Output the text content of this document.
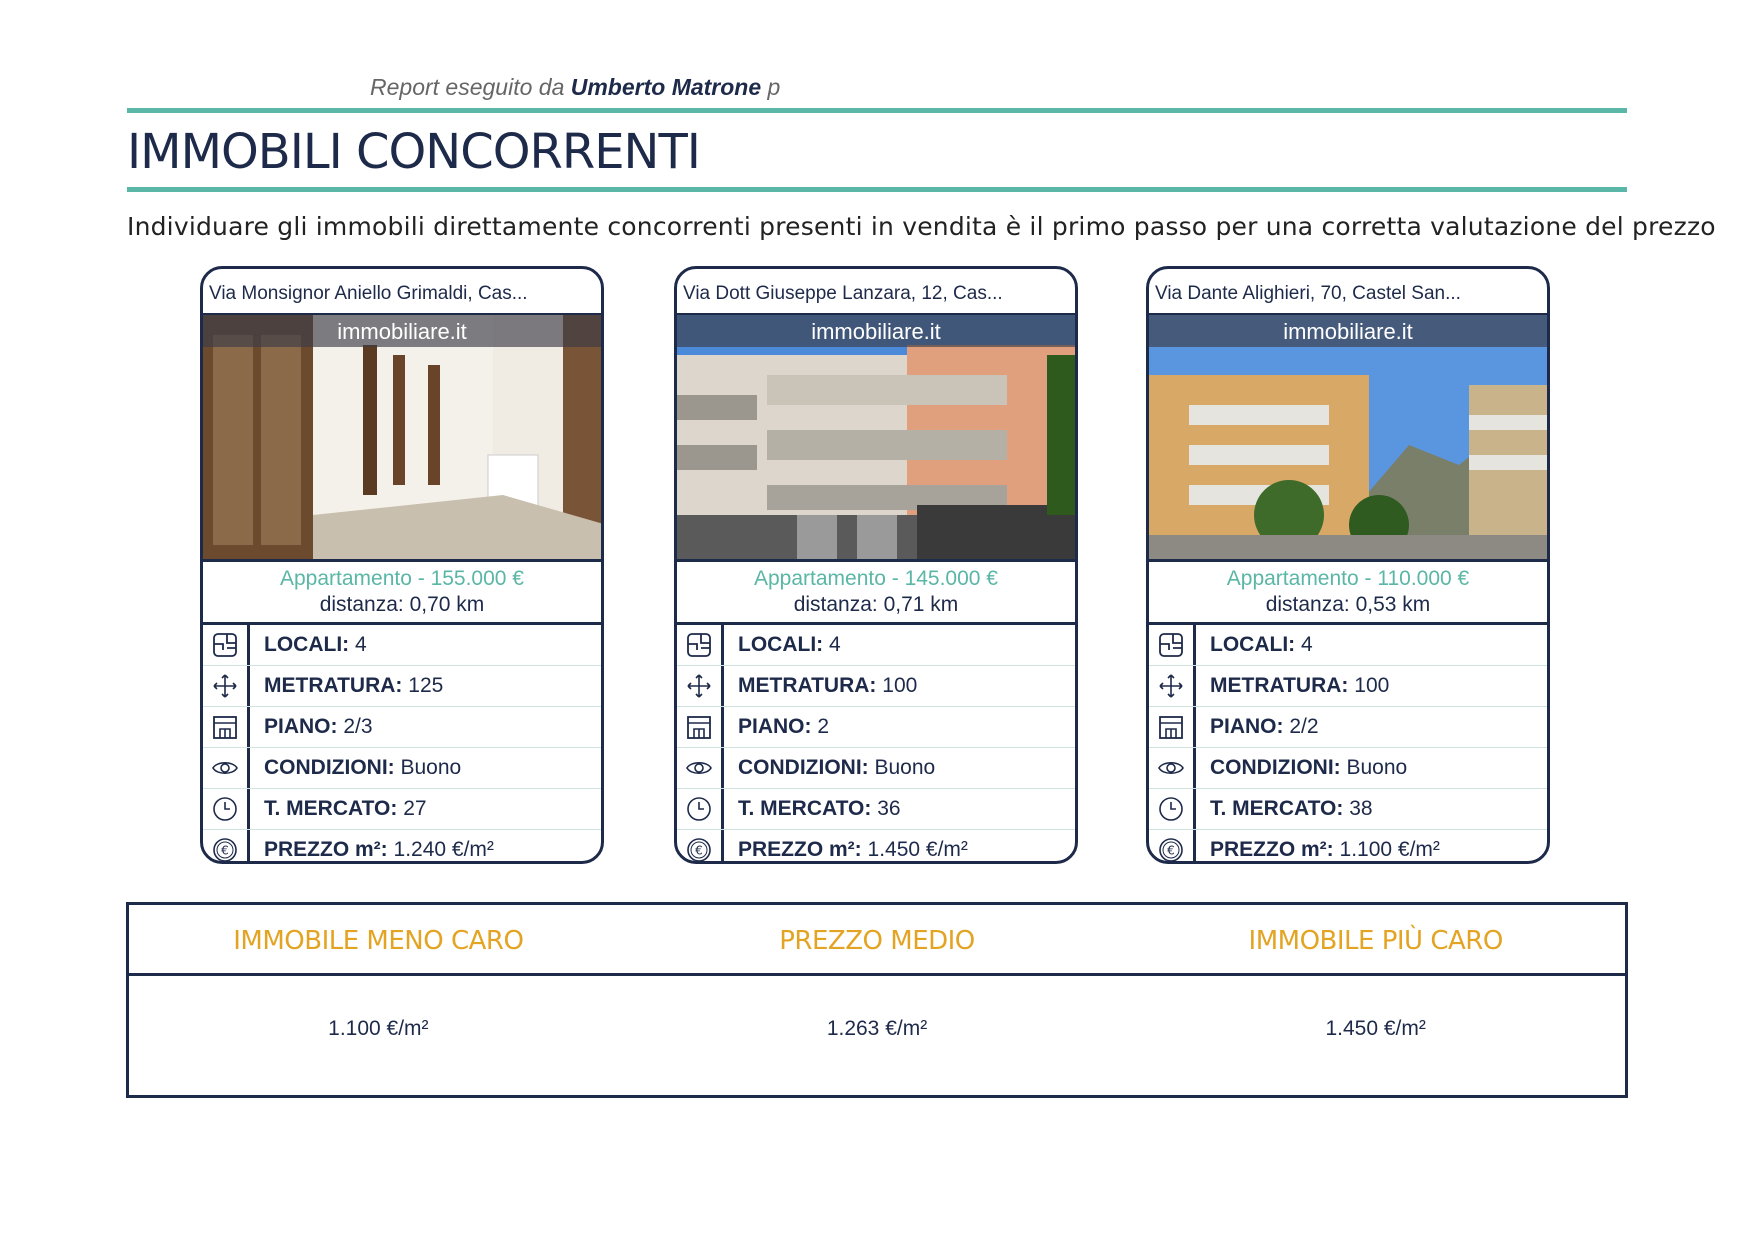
Report eseguito da Umberto Matrone p
IMMOBILI CONCORRENTI
Individuare gli immobili direttamente concorrenti presenti in vendita è il primo passo per una corretta valutazione del prezzo
Via Monsignor Aniello Grimaldi, Cas...
immobiliare.it
Appartamento - 155.000 €
distanza: 0,70 km
LOCALI: 4
METRATURA: 125
PIANO: 2/3
CONDIZIONI: Buono
T. MERCATO: 27
€	PREZZO m²: 1.240 €/m²
Via Dott Giuseppe Lanzara, 12, Cas...
immobiliare.it
Appartamento - 145.000 €
distanza: 0,71 km
LOCALI: 4
METRATURA: 100
PIANO: 2
CONDIZIONI: Buono
T. MERCATO: 36
€	PREZZO m²: 1.450 €/m²
Via Dante Alighieri, 70, Castel San...
immobiliare.it
Appartamento - 110.000 €
distanza: 0,53 km
LOCALI: 4
METRATURA: 100
PIANO: 2/2
CONDIZIONI: Buono
T. MERCATO: 38
€	PREZZO m²: 1.100 €/m²
IMMOBILE MENO CARO	PREZZO MEDIO	IMMOBILE PIÙ CARO
1.100 €/m²	1.263 €/m²	1.450 €/m²
